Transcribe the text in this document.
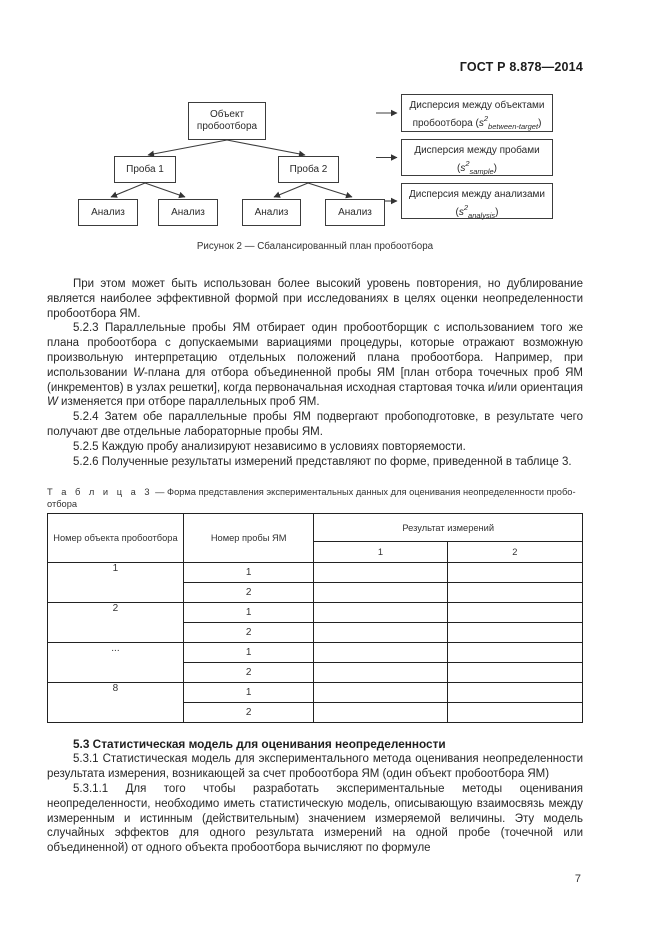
ГОСТ Р 8.878—2014
Объект пробоотбора
Проба 1	Проба 2
Анализ	Анализ	Анализ	Анализ
Дисперсия между объектами
пробоотбора $(s^2_{between-target})$
Дисперсия между пробами
$(s^2_{sample})$
Дисперсия между анализами
$(s^2_{analysis})$
Рисунок 2 — Сбалансированный план пробоотбора

При этом может быть использован более высокий уровень повторения, но дублирование является наиболее эффективной формой при исследованиях в целях оценки неопределенности пробоотбора ЯМ.

5.2.3 Параллельные пробы ЯМ отбирает один пробоотборщик с использованием того же плана пробоотбора с допускаемыми вариациями процедуры, которые отражают возможную произвольную интерпретацию отдельных положений плана пробоотбора. Например, при использовании W-плана для отбора объединенной пробы ЯМ [план отбора точечных проб ЯМ (инкрементов) в узлах решетки], когда первоначальная исходная стартовая точка и/или ориентация W изменяется при отборе параллельных проб ЯМ.

5.2.4 Затем обе параллельные пробы ЯМ подвергают пробоподготовке, в результате чего получают две отдельные лабораторные пробы ЯМ.

5.2.5 Каждую пробу анализируют независимо в условиях повторяемости.

5.2.6 Полученные результаты измерений представляют по форме, приведенной в таблице 3.

Т а б л и ц а 3 — Форма представления экспериментальных данных для оценивания неопределенности пробо-
отбора
Номер объекта пробоотбора	Номер пробы ЯМ	Результат измерений	
		1	2
1	1		
	2		
2	1		
	2		
...	1		
	2		
8	1		
	2		
5.3 Статистическая модель для оценивания неопределенности

5.3.1 Статистическая модель для экспериментального метода оценивания неопределенности результата измерения, возникающей за счет пробоотбора ЯМ (один объект пробоотбора ЯМ)

5.3.1.1 Для того чтобы разработать экспериментальные методы оценивания неопределенности, необходимо иметь статистическую модель, описывающую взаимосвязь между измеренным и истинным (действительным) значением измеряемой величины. Эту модель случайных эффектов для одного результата измерений на одной пробе (точечной или объединенной) от одного объекта пробоотбора вычисляют по формуле

7
